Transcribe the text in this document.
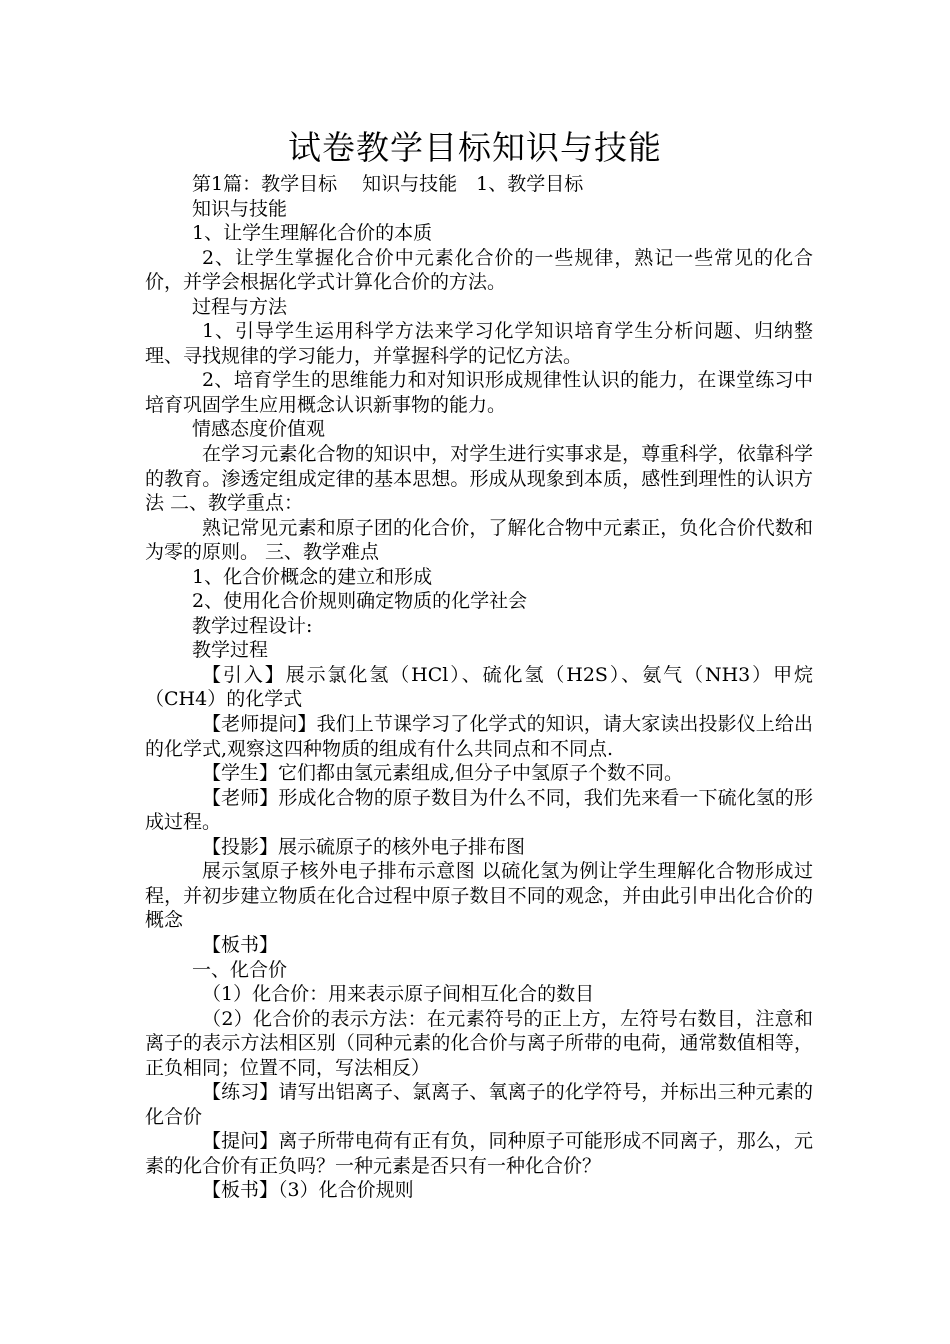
试卷教学目标知识与技能

第1篇：教学目标　 知识与技能　1、教学目标

知识与技能

1、让学生理解化合价的本质

2、让学生掌握化合价中元素化合价的一些规律，熟记一些常见的化合价，并学会根据化学式计算化合价的方法。

过程与方法

1、引导学生运用科学方法来学习化学知识培育学生分析问题、归纳整理、寻找规律的学习能力，并掌握科学的记忆方法。

2、培育学生的思维能力和对知识形成规律性认识的能力，在课堂练习中培育巩固学生应用概念认识新事物的能力。

情感态度价值观

在学习元素化合物的知识中，对学生进行实事求是，尊重科学，依靠科学的教育。渗透定组成定律的基本思想。形成从现象到本质，感性到理性的认识方法 二、教学重点：

熟记常见元素和原子团的化合价，了解化合物中元素正，负化合价代数和为零的原则。 三、教学难点

1、化合价概念的建立和形成

2、使用化合价规则确定物质的化学社会

教学过程设计:

教学过程

【引入】展示氯化氢（HCl）、硫化氢（H2S）、氨气（NH3）甲烷（CH4）的化学式

【老师提问】我们上节课学习了化学式的知识，请大家读出投影仪上给出的化学式,观察这四种物质的组成有什么共同点和不同点.

【学生】它们都由氢元素组成,但分子中氢原子个数不同。

【老师】形成化合物的原子数目为什么不同，我们先来看一下硫化氢的形成过程。

【投影】展示硫原子的核外电子排布图

展示氢原子核外电子排布示意图 以硫化氢为例让学生理解化合物形成过程，并初步建立物质在化合过程中原子数目不同的观念，并由此引申出化合价的概念

【板书】

一、化合价

（1）化合价：用来表示原子间相互化合的数目

（2）化合价的表示方法：在元素符号的正上方，左符号右数目，注意和离子的表示方法相区别（同种元素的化合价与离子所带的电荷，通常数值相等，正负相同；位置不同，写法相反）

【练习】请写出铝离子、氯离子、氧离子的化学符号，并标出三种元素的化合价

【提问】离子所带电荷有正有负，同种原子可能形成不同离子，那么，元素的化合价有正负吗？一种元素是否只有一种化合价？

【板书】（3）化合价规则
